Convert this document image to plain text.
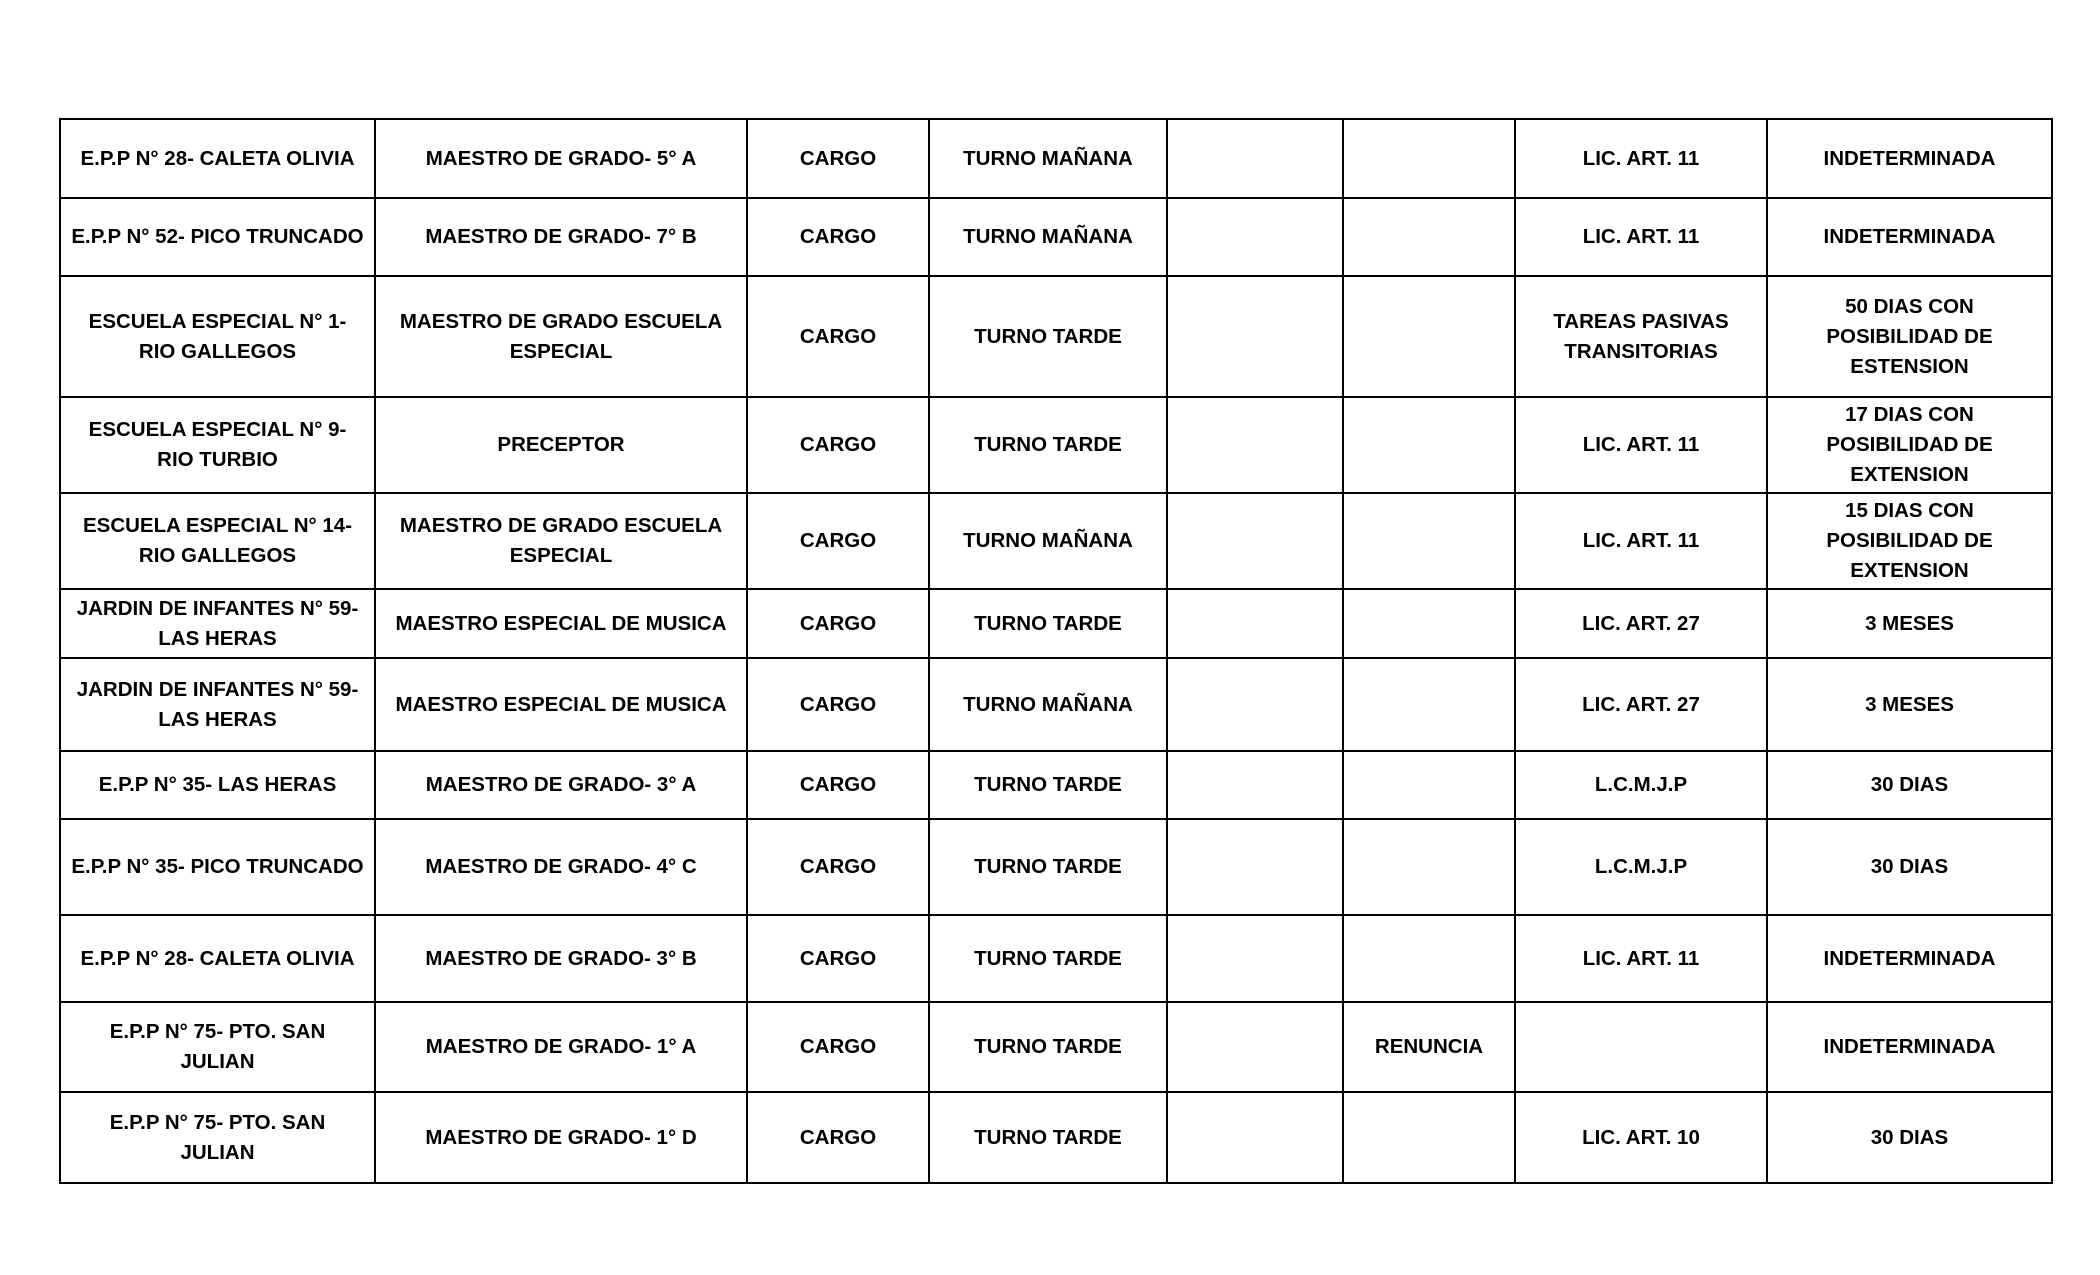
E.P.P N° 28- CALETA OLIVIA	MAESTRO DE GRADO- 5° A	CARGO	TURNO MAÑANA			LIC. ART. 11	INDETERMINADA
E.P.P N° 52- PICO TRUNCADO	MAESTRO DE GRADO- 7° B	CARGO	TURNO MAÑANA			LIC. ART. 11	INDETERMINADA
ESCUELA ESPECIAL N° 1- RIO GALLEGOS	MAESTRO DE GRADO ESCUELA ESPECIAL	CARGO	TURNO TARDE			TAREAS PASIVAS TRANSITORIAS	50 DIAS CON POSIBILIDAD DE ESTENSION
ESCUELA ESPECIAL N° 9- RIO TURBIO	PRECEPTOR	CARGO	TURNO TARDE			LIC. ART. 11	17 DIAS CON POSIBILIDAD DE EXTENSION
ESCUELA ESPECIAL N° 14- RIO GALLEGOS	MAESTRO DE GRADO ESCUELA ESPECIAL	CARGO	TURNO MAÑANA			LIC. ART. 11	15 DIAS CON POSIBILIDAD DE EXTENSION
JARDIN DE INFANTES N° 59- LAS HERAS	MAESTRO ESPECIAL DE MUSICA	CARGO	TURNO TARDE			LIC. ART. 27	3 MESES
JARDIN DE INFANTES N° 59- LAS HERAS	MAESTRO ESPECIAL DE MUSICA	CARGO	TURNO MAÑANA			LIC. ART. 27	3 MESES
E.P.P N° 35- LAS HERAS	MAESTRO DE GRADO- 3° A	CARGO	TURNO TARDE			L.C.M.J.P	30 DIAS
E.P.P N° 35- PICO TRUNCADO	MAESTRO DE GRADO- 4° C	CARGO	TURNO TARDE			L.C.M.J.P	30 DIAS
E.P.P N° 28- CALETA OLIVIA	MAESTRO DE GRADO- 3° B	CARGO	TURNO TARDE			LIC. ART. 11	INDETERMINADA
E.P.P N° 75- PTO. SAN JULIAN	MAESTRO DE GRADO- 1° A	CARGO	TURNO TARDE		RENUNCIA		INDETERMINADA
E.P.P N° 75- PTO. SAN JULIAN	MAESTRO DE GRADO- 1° D	CARGO	TURNO TARDE			LIC. ART. 10	30 DIAS
